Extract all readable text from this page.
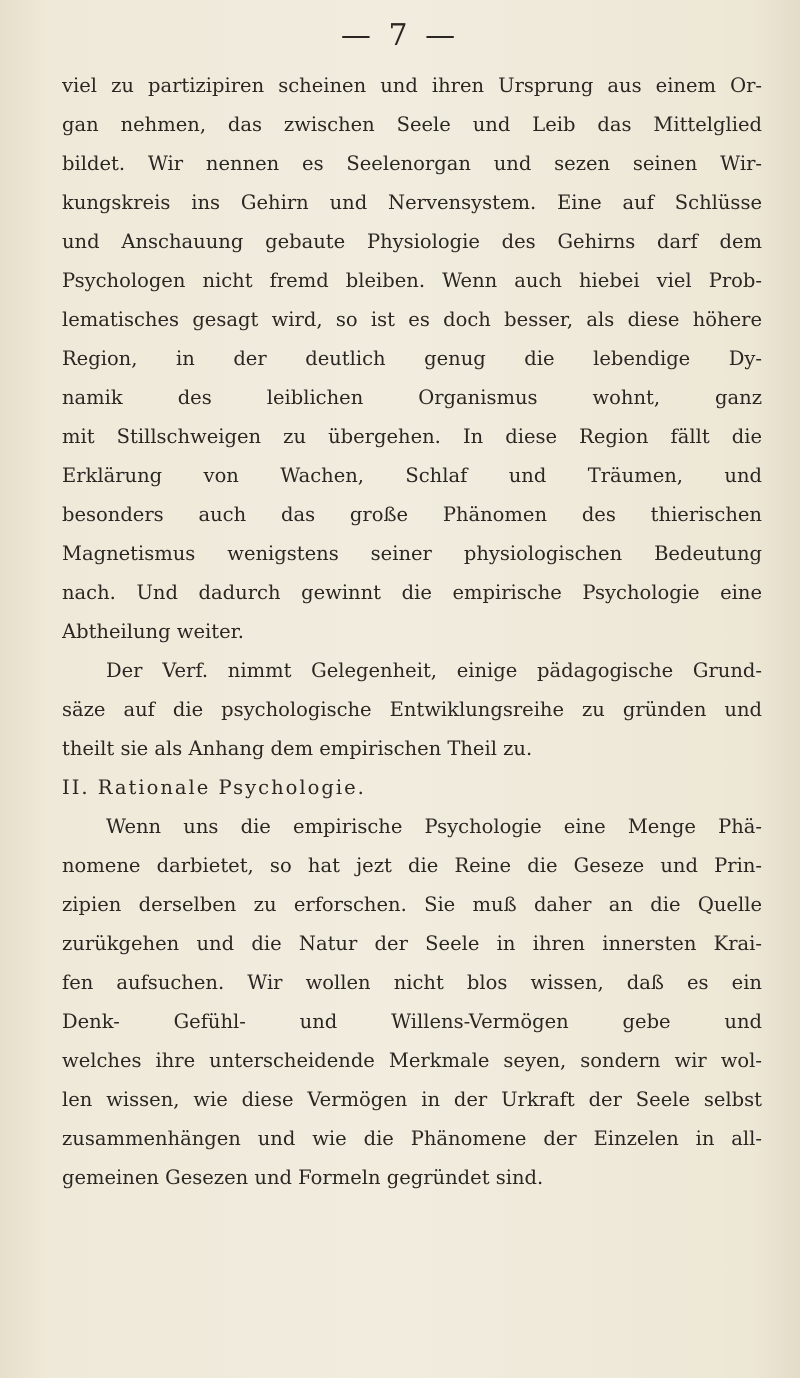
— 7 —
viel zu partizipiren scheinen und ihren Ursprung aus einem Or-
gan nehmen, das zwischen Seele und Leib das Mittelglied
bildet. Wir nennen es Seelenorgan und sezen seinen Wir-
kungskreis ins Gehirn und Nervensystem. Eine auf Schlüsse
und Anschauung gebaute Physiologie des Gehirns darf dem
Psychologen nicht fremd bleiben. Wenn auch hiebei viel Prob-
lematisches gesagt wird, so ist es doch besser, als diese höhere
Region, in der deutlich genug die lebendige Dy-
namik des leiblichen Organismus wohnt, ganz
mit Stillschweigen zu übergehen. In diese Region fällt die
Erklärung von Wachen, Schlaf und Träumen, und
besonders auch das große Phänomen des thierischen
Magnetismus wenigstens seiner physiologischen Bedeutung
nach. Und dadurch gewinnt die empirische Psychologie eine
Abtheilung weiter.
Der Verf. nimmt Gelegenheit, einige pädagogische Grund-
säze auf die psychologische Entwiklungsreihe zu gründen und
theilt sie als Anhang dem empirischen Theil zu.
II. Rationale Psychologie.
Wenn uns die empirische Psychologie eine Menge Phä-
nomene darbietet, so hat jezt die Reine die Geseze und Prin-
zipien derselben zu erforschen. Sie muß daher an die Quelle
zurükgehen und die Natur der Seele in ihren innersten Krai-
fen aufsuchen. Wir wollen nicht blos wissen, daß es ein
Denk- Gefühl- und Willens-Vermögen gebe und
welches ihre unterscheidende Merkmale seyen, sondern wir wol-
len wissen, wie diese Vermögen in der Urkraft der Seele selbst
zusammenhängen und wie die Phänomene der Einzelen in all-
gemeinen Gesezen und Formeln gegründet sind.
